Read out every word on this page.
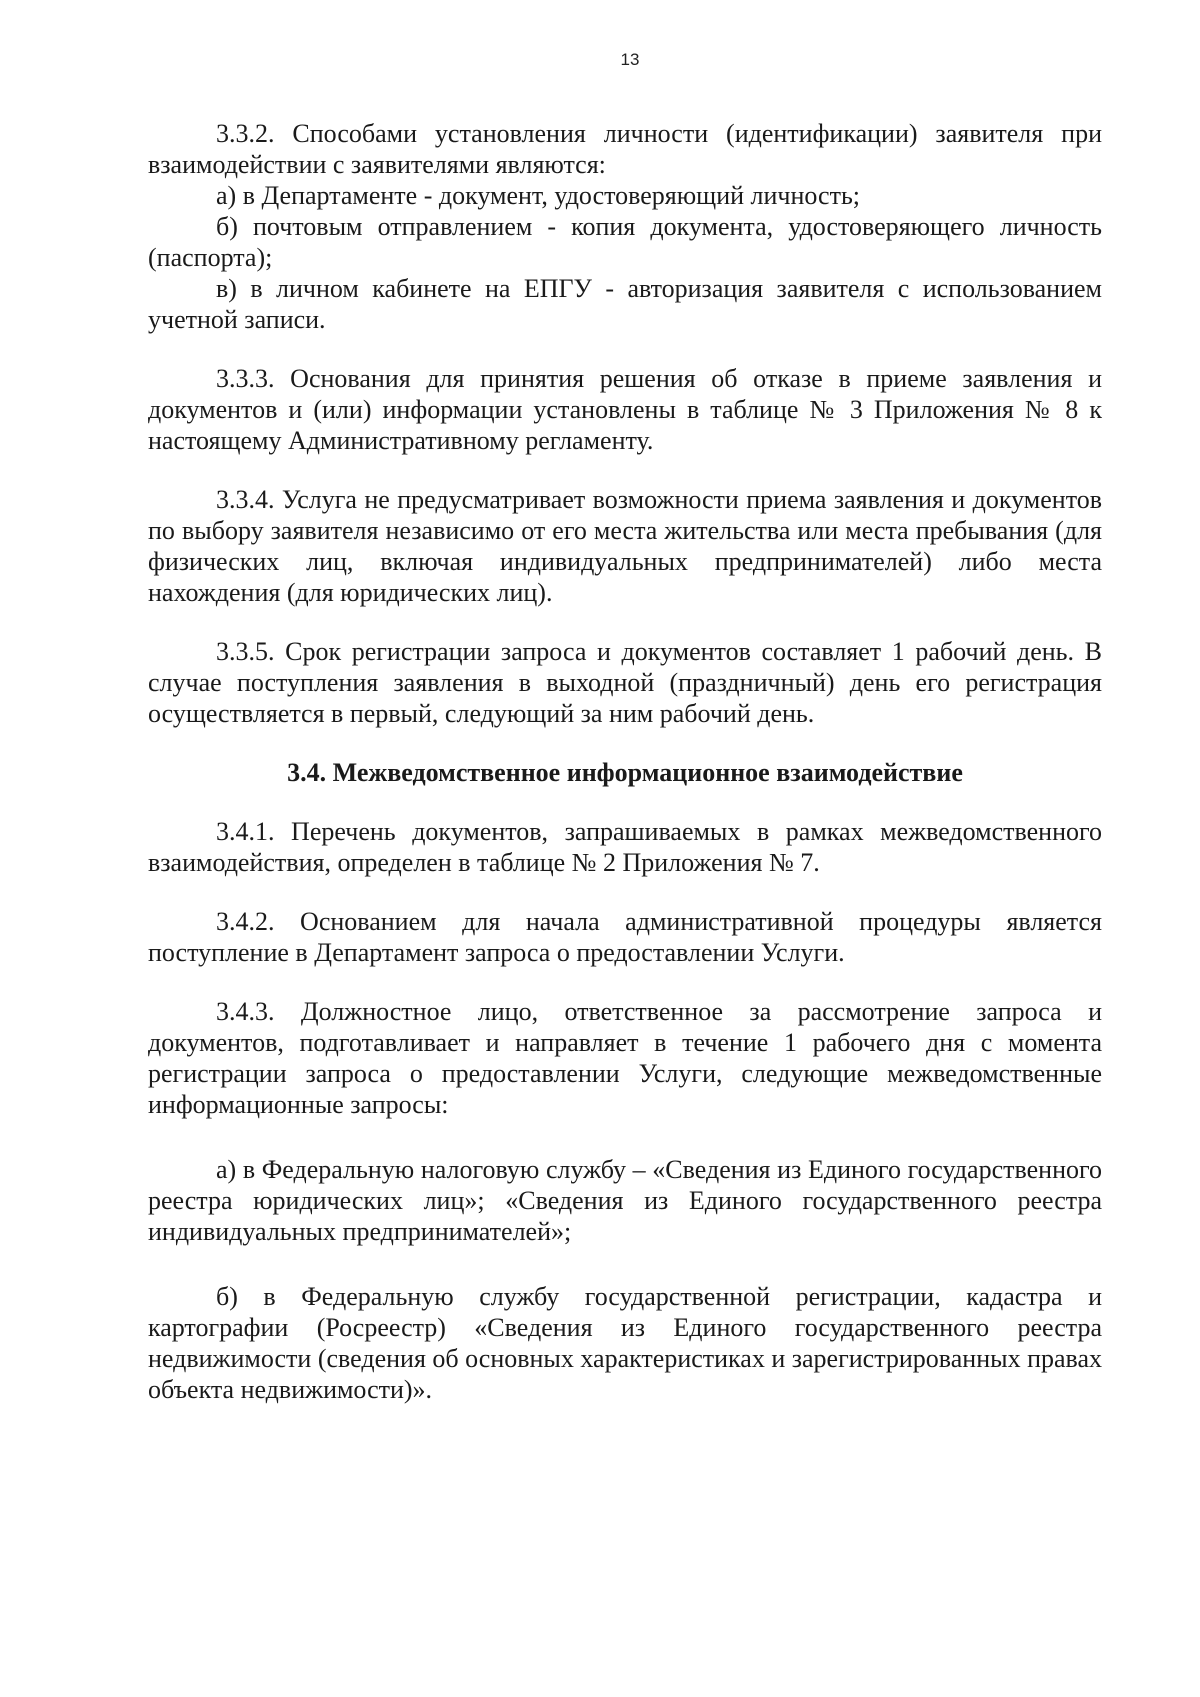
13

3.3.2. Способами установления личности (идентификации) заявителя при взаимодействии с заявителями являются:

а) в Департаменте - документ, удостоверяющий личность;

б) почтовым отправлением - копия документа, удостоверяющего личность (паспорта);

в) в личном кабинете на ЕПГУ - авторизация заявителя с использованием учетной записи.

3.3.3. Основания для принятия решения об отказе в приеме заявления и документов и (или) информации установлены в таблице № 3 Приложения № 8 к настоящему Административному регламенту.

3.3.4. Услуга не предусматривает возможности приема заявления и документов по выбору заявителя независимо от его места жительства или места пребывания (для физических лиц, включая индивидуальных предпринимателей) либо места нахождения (для юридических лиц).

3.3.5. Срок регистрации запроса и документов составляет 1 рабочий день. В случае поступления заявления в выходной (праздничный) день его регистрация осуществляется в первый, следующий за ним рабочий день.

3.4. Межведомственное информационное взаимодействие

3.4.1. Перечень документов, запрашиваемых в рамках межведомственного взаимодействия, определен в таблице № 2 Приложения № 7.

3.4.2. Основанием для начала административной процедуры является поступление в Департамент запроса о предоставлении Услуги.

3.4.3. Должностное лицо, ответственное за рассмотрение запроса и документов, подготавливает и направляет в течение 1 рабочего дня с момента регистрации запроса о предоставлении Услуги, следующие межведомственные информационные запросы:

а) в Федеральную налоговую службу – «Сведения из Единого государственного реестра юридических лиц»; «Сведения из Единого государственного реестра индивидуальных предпринимателей»;

б) в Федеральную службу государственной регистрации, кадастра и картографии (Росреестр) «Сведения из Единого государственного реестра недвижимости (сведения об основных характеристиках и зарегистрированных правах объекта недвижимости)».
